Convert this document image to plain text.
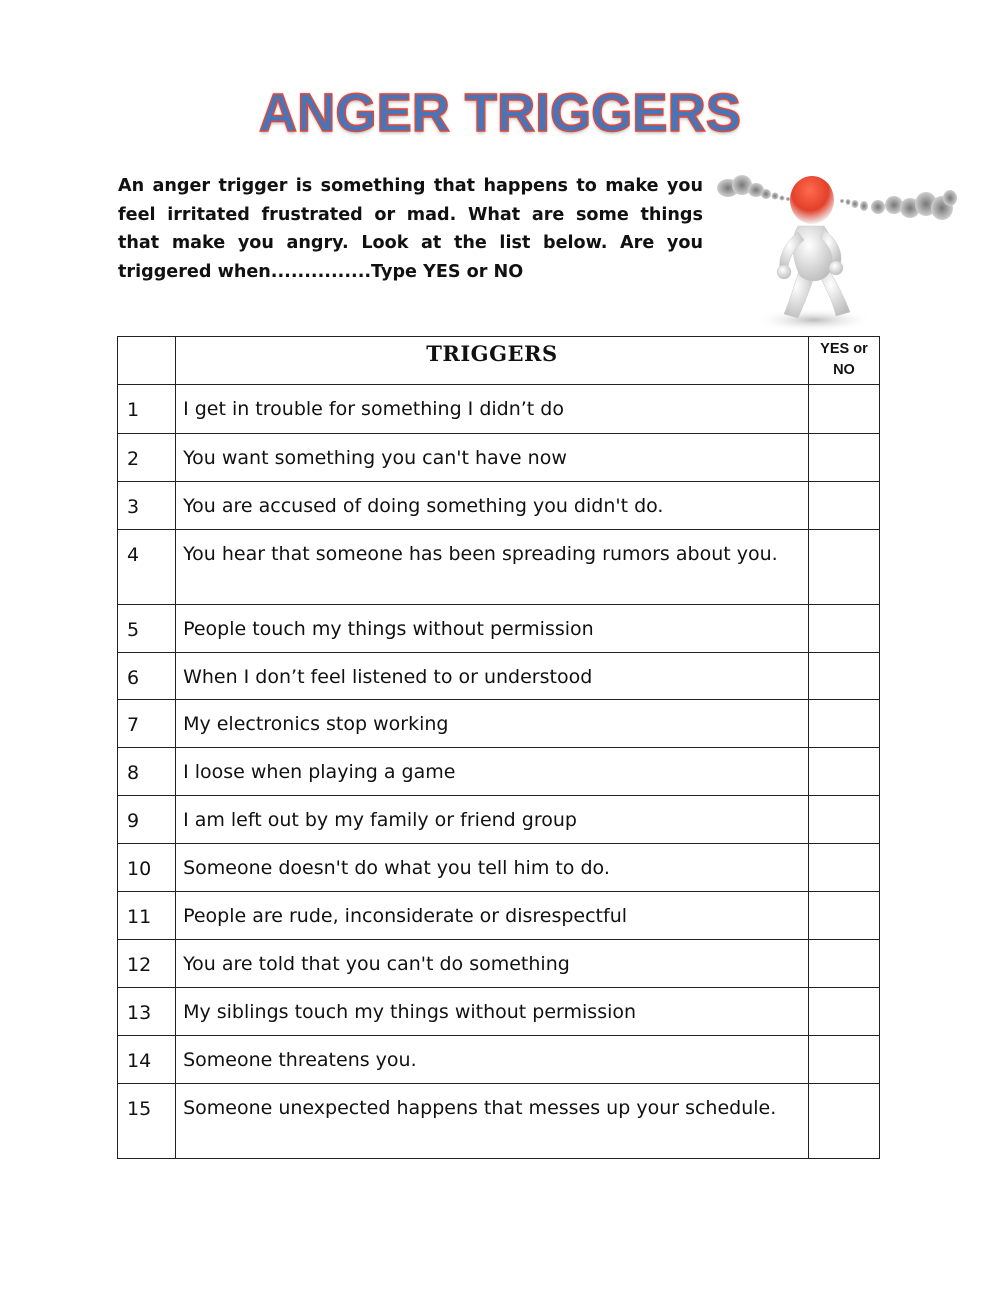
ANGER TRIGGERS
An anger trigger is something that happens to make you feel irritated frustrated or mad. What are some things that make you angry. Look at the list below. Are you triggered when...............Type YES or NO
	TRIGGERS	YES or NO
1	I get in trouble for something I didn’t do	
2	You want something you can't have now	
3	You are accused of doing something you didn't do.	
4	You hear that someone has been spreading rumors about you.	
5	People touch my things without permission	
6	When I don’t feel listened to or understood	
7	My electronics stop working	
8	I loose when playing a game	
9	I am left out by my family or friend group	
10	Someone doesn't do what you tell him to do.	
11	People are rude, inconsiderate or disrespectful	
12	You are told that you can't do something	
13	My siblings touch my things without permission	
14	Someone threatens you.	
15	Someone unexpected happens that messes up your schedule.	
